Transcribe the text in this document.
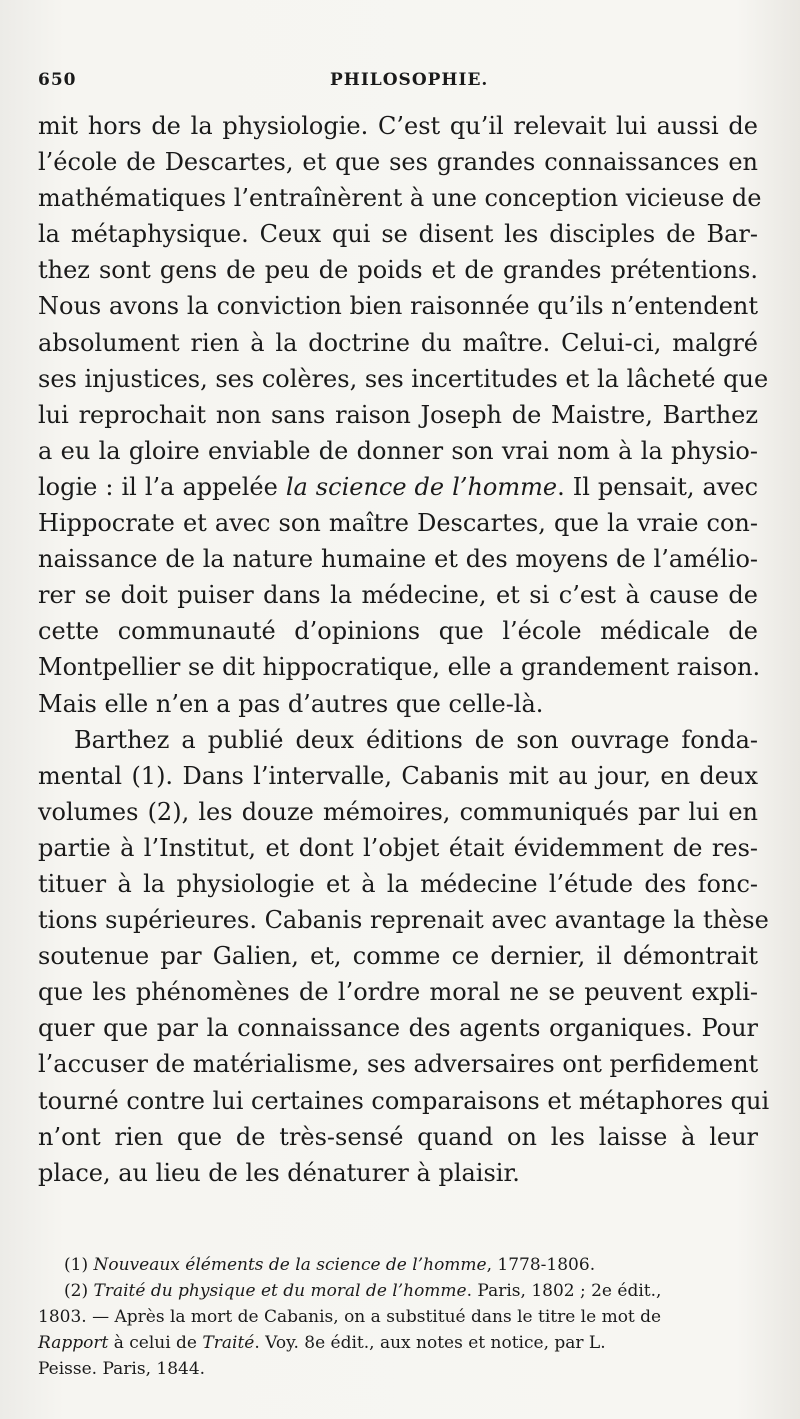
650	PHILOSOPHIE.
mit hors de la physiologie. C’est qu’il relevait lui aussi de
l’école de Descartes, et que ses grandes connaissances en
mathématiques l’entraînèrent à une conception vicieuse de
la métaphysique. Ceux qui se disent les disciples de Bar-
thez sont gens de peu de poids et de grandes prétentions.
Nous avons la conviction bien raisonnée qu’ils n’entendent
absolument rien à la doctrine du maître. Celui-ci, malgré
ses injustices, ses colères, ses incertitudes et la lâcheté que
lui reprochait non sans raison Joseph de Maistre, Barthez
a eu la gloire enviable de donner son vrai nom à la physio-
logie : il l’a appelée la science de l’homme. Il pensait, avec
Hippocrate et avec son maître Descartes, que la vraie con-
naissance de la nature humaine et des moyens de l’amélio-
rer se doit puiser dans la médecine, et si c’est à cause de
cette communauté d’opinions que l’école médicale de
Montpellier se dit hippocratique, elle a grandement raison.
Mais elle n’en a pas d’autres que celle-là.
Barthez a publié deux éditions de son ouvrage fonda-
mental (1). Dans l’intervalle, Cabanis mit au jour, en deux
volumes (2), les douze mémoires, communiqués par lui en
partie à l’Institut, et dont l’objet était évidemment de res-
tituer à la physiologie et à la médecine l’étude des fonc-
tions supérieures. Cabanis reprenait avec avantage la thèse
soutenue par Galien, et, comme ce dernier, il démontrait
que les phénomènes de l’ordre moral ne se peuvent expli-
quer que par la connaissance des agents organiques. Pour
l’accuser de matérialisme, ses adversaires ont perfidement
tourné contre lui certaines comparaisons et métaphores qui
n’ont rien que de très-sensé quand on les laisse à leur
place, au lieu de les dénaturer à plaisir.
(1) Nouveaux éléments de la science de l’homme, 1778-1806.
(2) Traité du physique et du moral de l’homme. Paris, 1802 ; 2e édit.,
1803. — Après la mort de Cabanis, on a substitué dans le titre le mot de
Rapport à celui de Traité. Voy. 8e édit., aux notes et notice, par L.
Peisse. Paris, 1844.
